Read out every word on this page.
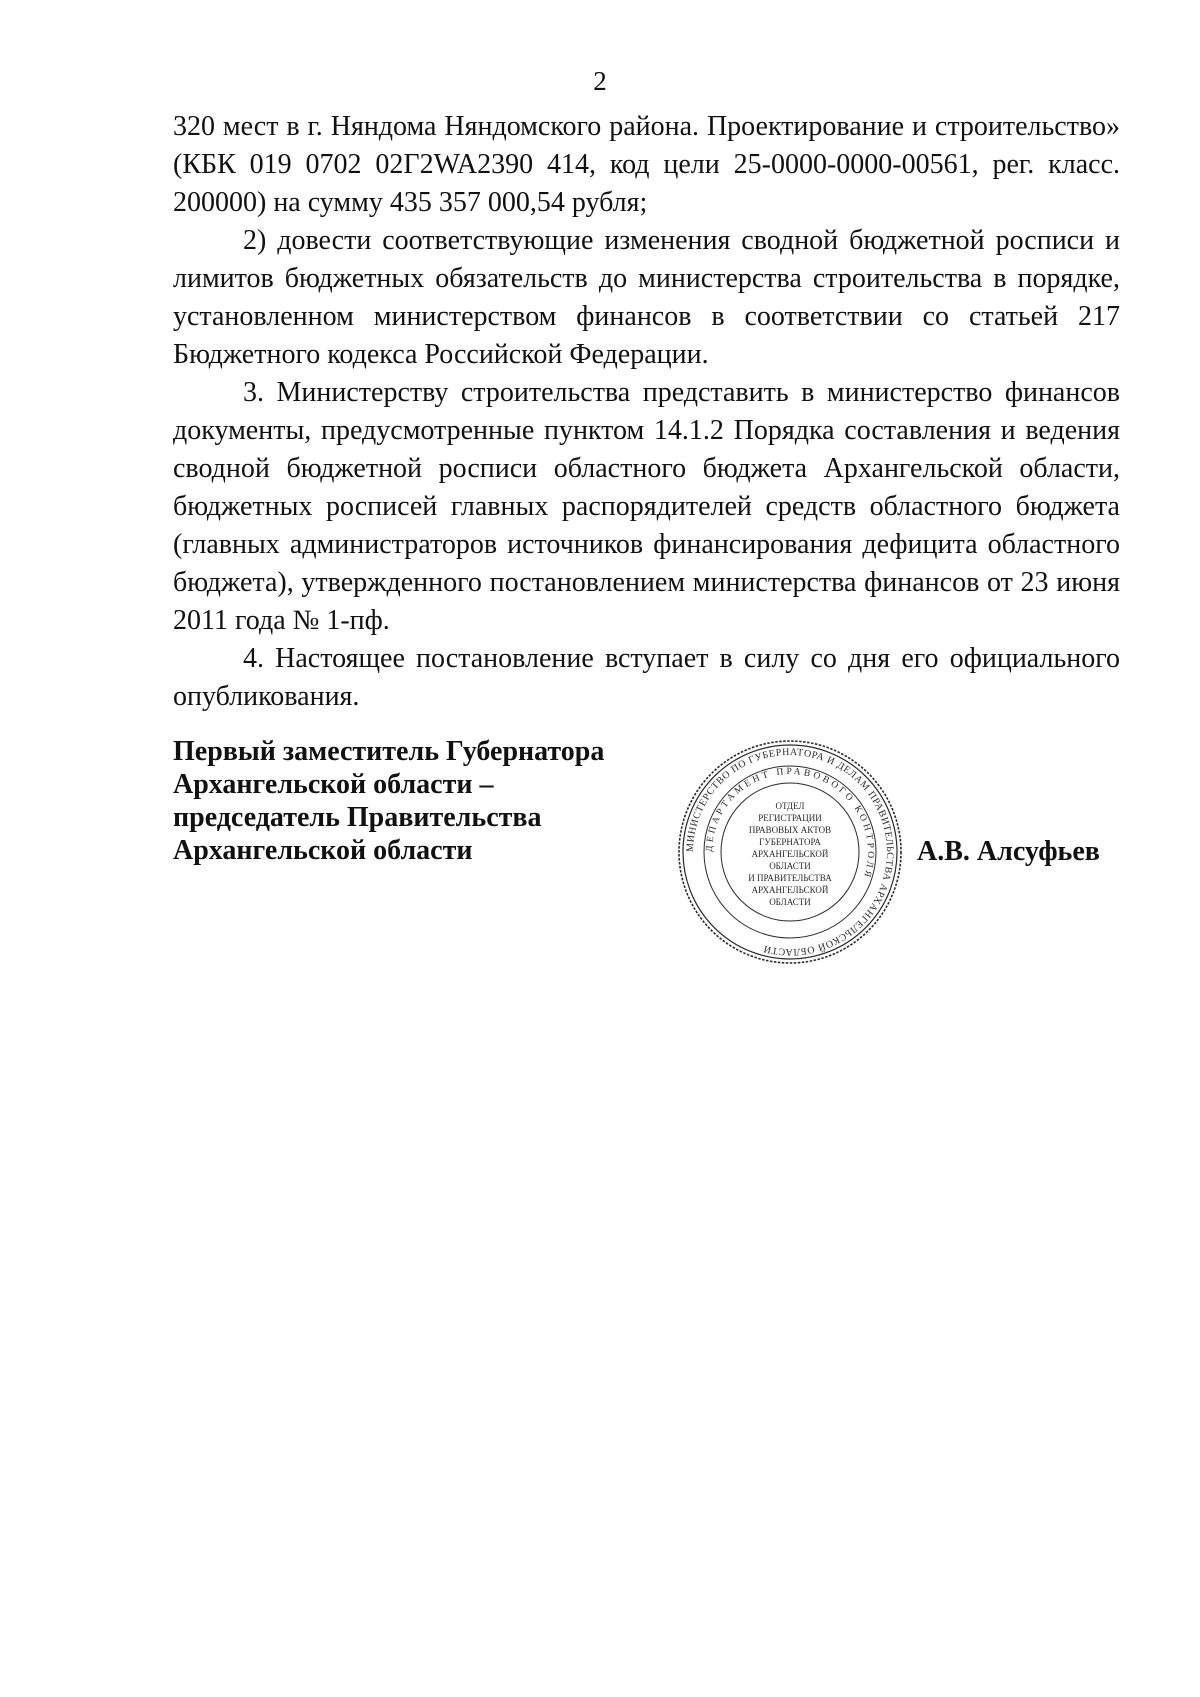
2

320 мест в г. Няндома Няндомского района. Проектирование и строительство» (КБК 019 0702 02Г2WA2390 414, код цели 25-0000-0000-00561, рег. класс. 200000) на сумму 435 357 000,54 рубля;

2) довести соответствующие изменения сводной бюджетной росписи и лимитов бюджетных обязательств до министерства строительства в порядке, установленном министерством финансов в соответствии со статьей 217 Бюджетного кодекса Российской Федерации.

3. Министерству строительства представить в министерство финансов документы, предусмотренные пунктом 14.1.2 Порядка составления и ведения сводной бюджетной росписи областного бюджета Архангельской области, бюджетных росписей главных распорядителей средств областного бюджета (главных администраторов источников финансирования дефицита областного бюджета), утвержденного постановлением министерства финансов от 23 июня 2011 года № 1-пф.

4. Настоящее постановление вступает в силу со дня его официального опубликования.

Первый заместитель Губернатора
Архангельской области –
председатель Правительства
Архангельской области	МИНИСТЕРСТВО ПО ГУБЕРНАТОРА И ДЕЛАМ ПРАВИТЕЛЬСТВА АРХАНГЕЛЬСКОЙ ОБЛАСТИ
ДЕПАРТАМЕНТ ПРАВОВОГО КОНТРОЛЯ
ОТДЕЛ
РЕГИСТРАЦИИ
ПРАВОВЫХ АКТОВ
ГУБЕРНАТОРА
АРХАНГЕЛЬСКОЙ
ОБЛАСТИ
И ПРАВИТЕЛЬСТВА
АРХАНГЕЛЬСКОЙ
ОБЛАСТИ
А.В. Алсуфьев
